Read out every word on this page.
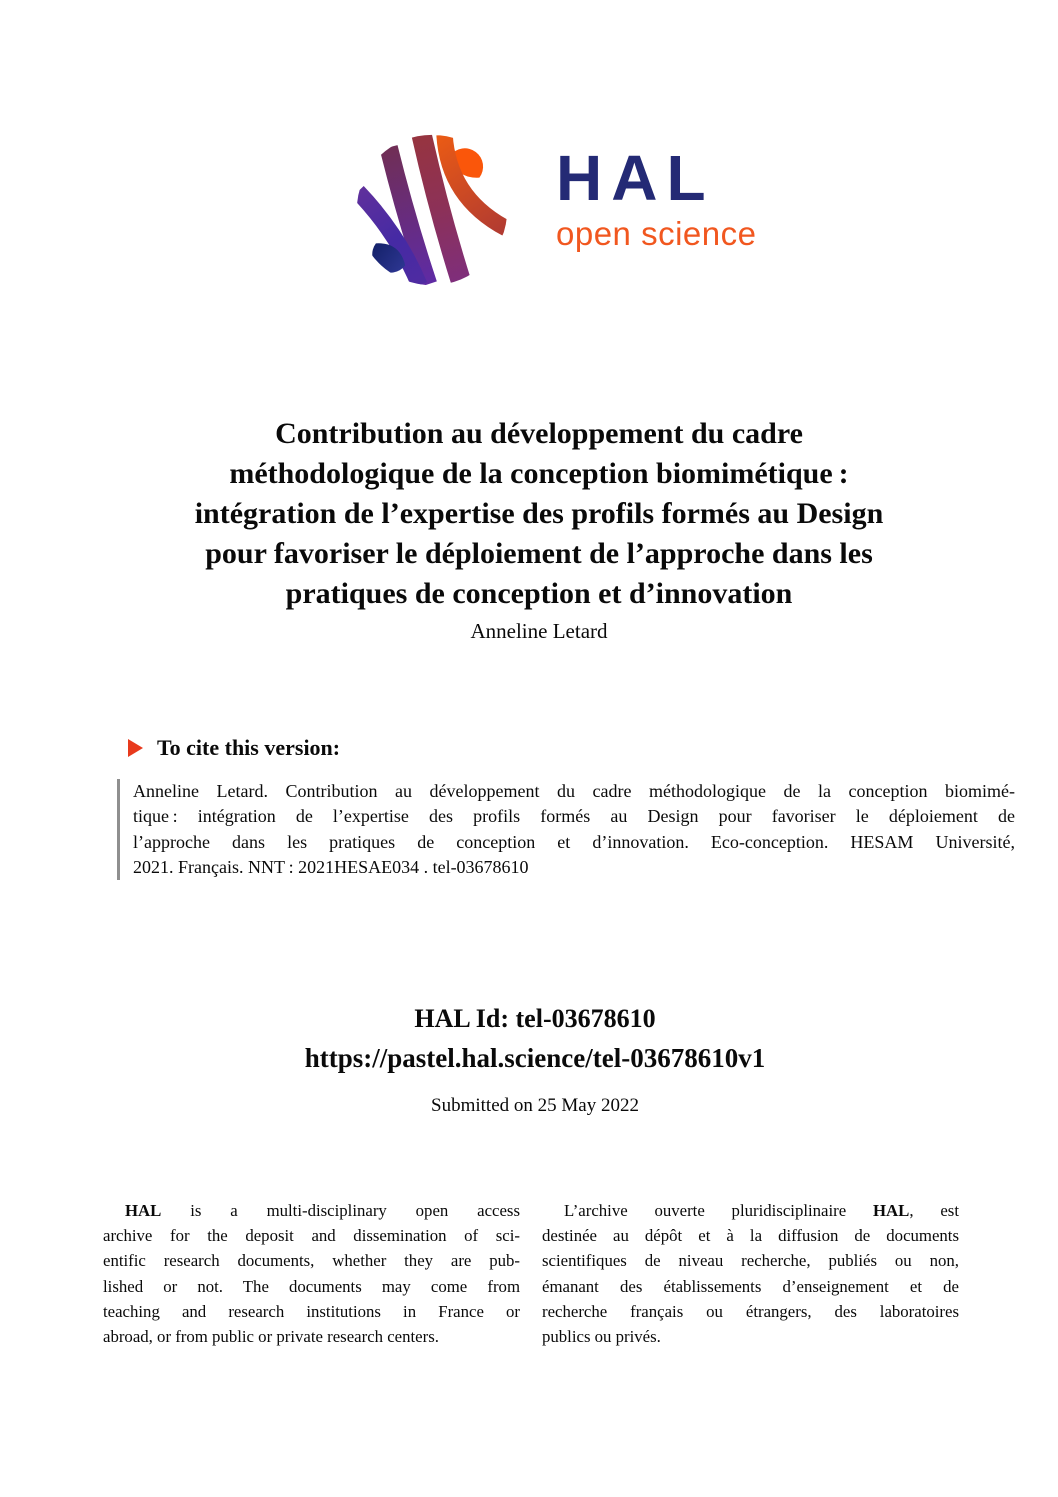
HAL
open science
Contribution au développement du cadre
méthodologique de la conception biomimétique :
intégration de l’expertise des profils formés au Design
pour favoriser le déploiement de l’approche dans les
pratiques de conception et d’innovation
Anneline Letard
To cite this version:
Anneline Letard. Contribution au développement du cadre méthodologique de la conception biomimé-
tique : intégration de l’expertise des profils formés au Design pour favoriser le déploiement de
l’approche dans les pratiques de conception et d’innovation. Eco-conception. HESAM Université,
2021. Français. NNT : 2021HESAE034 . tel-03678610
HAL Id: tel-03678610
https://pastel.hal.science/tel-03678610v1
Submitted on 25 May 2022
HAL is a multi-disciplinary open access
archive for the deposit and dissemination of sci-
entific research documents, whether they are pub-
lished or not. The documents may come from
teaching and research institutions in France or
abroad, or from public or private research centers.
L’archive ouverte pluridisciplinaire HAL, est
destinée au dépôt et à la diffusion de documents
scientifiques de niveau recherche, publiés ou non,
émanant des établissements d’enseignement et de
recherche français ou étrangers, des laboratoires
publics ou privés.
